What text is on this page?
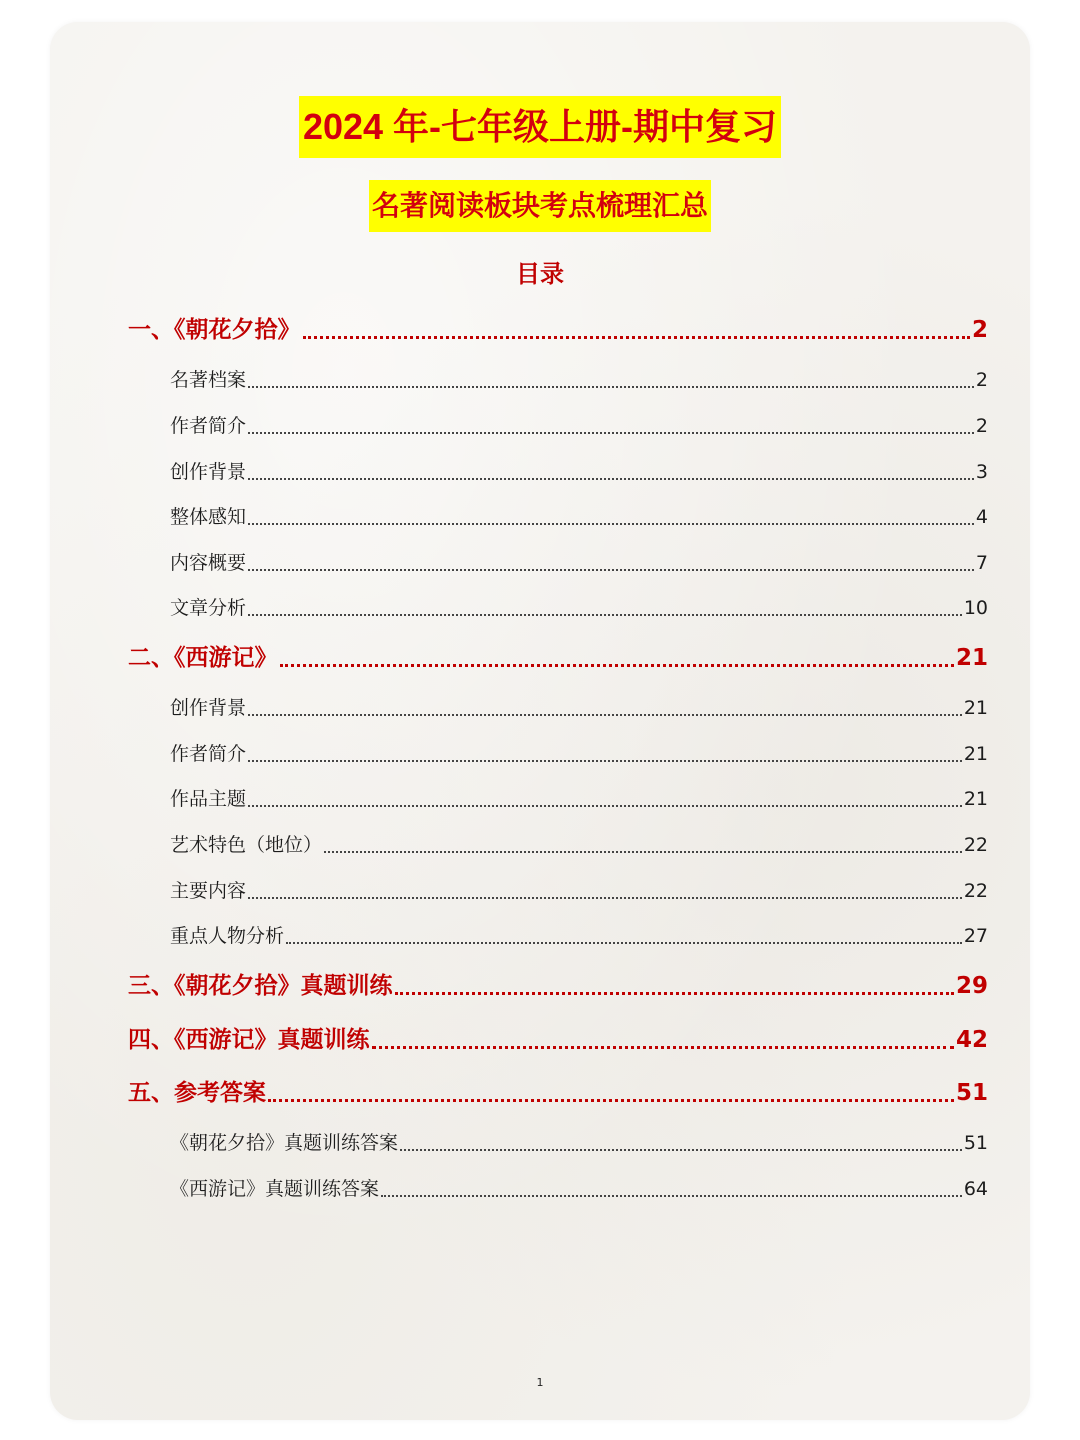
2024 年-七年级上册-期中复习
名著阅读板块考点梳理汇总
目录
一、《朝花夕拾》	2
名著档案	2
作者简介	2
创作背景	3
整体感知	4
内容概要	7
文章分析	10
二、《西游记》	21
创作背景	21
作者简介	21
作品主题	21
艺术特色（地位）	22
主要内容	22
重点人物分析	27
三、《朝花夕拾》真题训练	29
四、《西游记》真题训练	42
五、参考答案	51
《朝花夕拾》真题训练答案	51
《西游记》真题训练答案	64
1
